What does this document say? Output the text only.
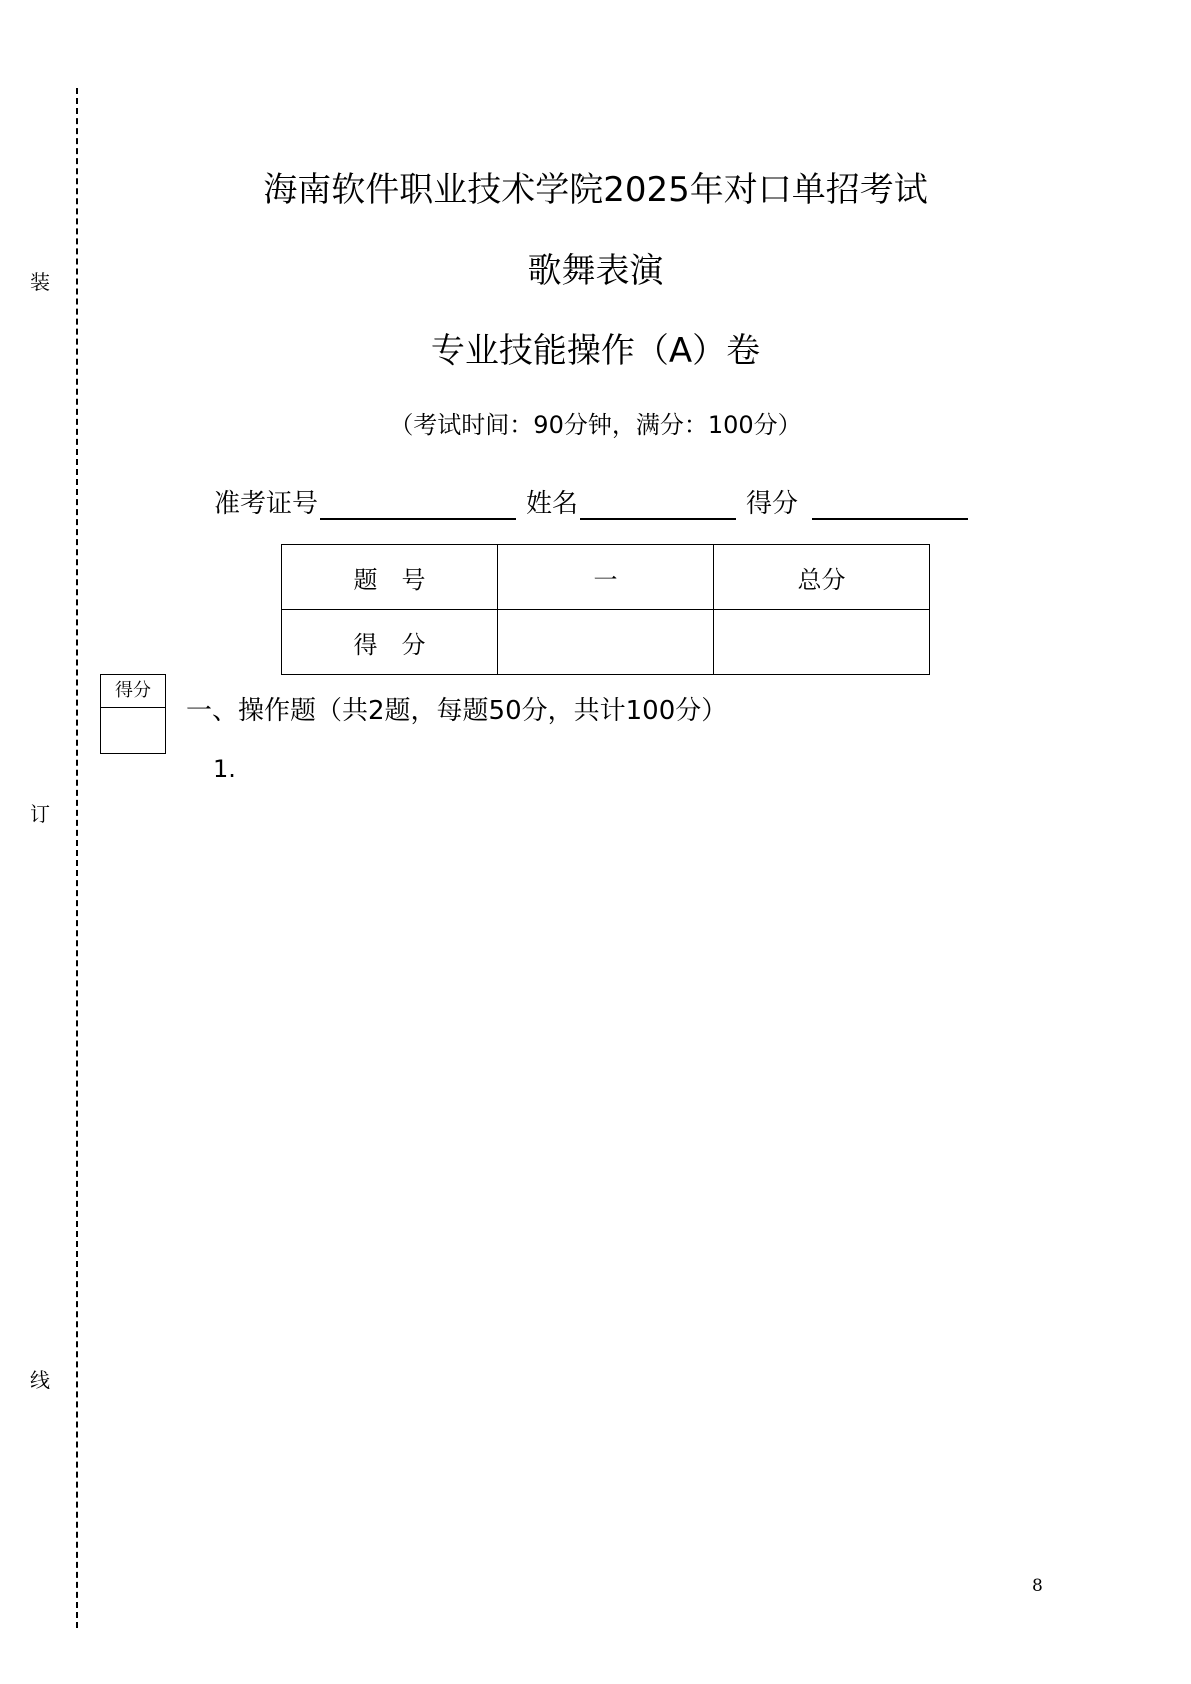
装
订
线
海南软件职业技术学院2025年对口单招考试
歌舞表演
专业技能操作（A）卷
（考试时间：90分钟，满分：100分）
准考证号	姓名	得分
题　号	一	总分
得　分		
得分
一、操作题（共2题，每题50分，共计100分）
1.
8
